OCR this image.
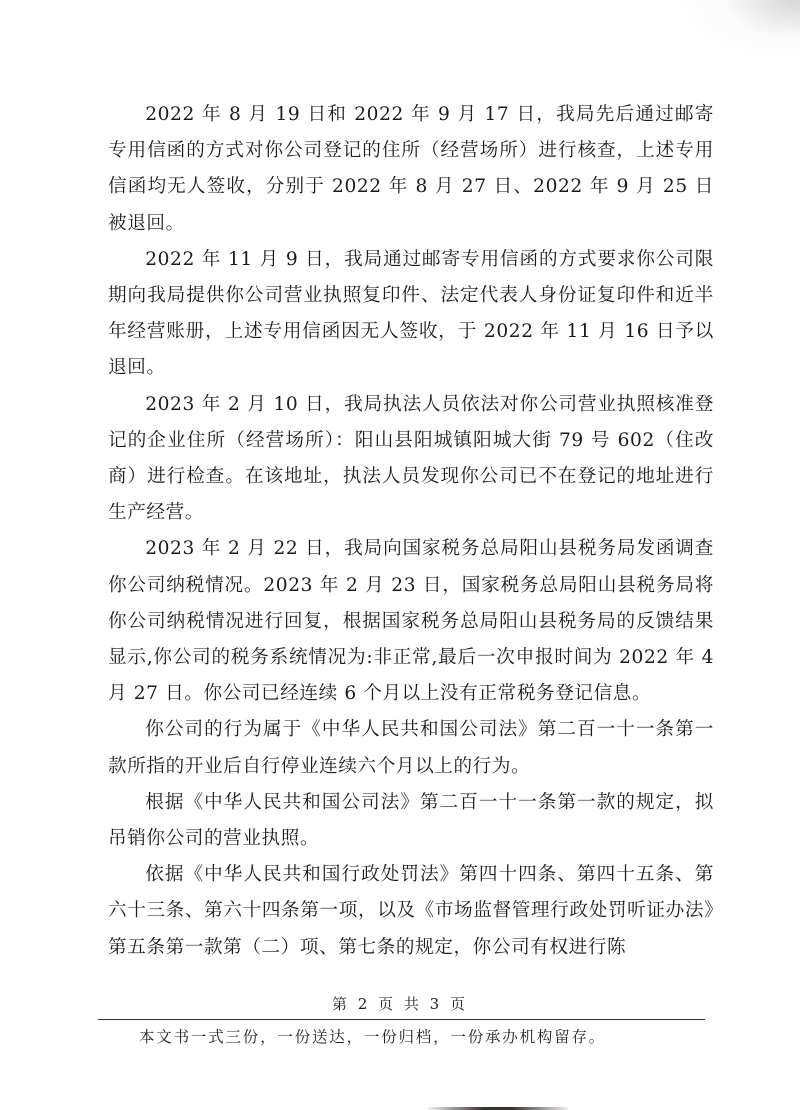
2022 年 8 月 19 日和 2022 年 9 月 17 日，我局先后通过邮寄专用信函的方式对你公司登记的住所（经营场所）进行核查，上述专用信函均无人签收，分别于 2022 年 8 月 27 日、2022 年 9 月 25 日被退回。

2022 年 11 月 9 日，我局通过邮寄专用信函的方式要求你公司限期向我局提供你公司营业执照复印件、法定代表人身份证复印件和近半年经营账册，上述专用信函因无人签收，于 2022 年 11 月 16 日予以退回。

2023 年 2 月 10 日，我局执法人员依法对你公司营业执照核准登记的企业住所（经营场所）：阳山县阳城镇阳城大街 79 号 602（住改商）进行检查。在该地址，执法人员发现你公司已不在登记的地址进行生产经营。

2023 年 2 月 22 日，我局向国家税务总局阳山县税务局发函调查你公司纳税情况。2023 年 2 月 23 日，国家税务总局阳山县税务局将你公司纳税情况进行回复，根据国家税务总局阳山县税务局的反馈结果显示,你公司的税务系统情况为:非正常,最后一次申报时间为 2022 年 4 月 27 日。你公司已经连续 6 个月以上没有正常税务登记信息。

你公司的行为属于《中华人民共和国公司法》第二百一十一条第一款所指的开业后自行停业连续六个月以上的行为。

根据《中华人民共和国公司法》第二百一十一条第一款的规定，拟吊销你公司的营业执照。

依据《中华人民共和国行政处罚法》第四十四条、第四十五条、第六十三条、第六十四条第一项，以及《市场监督管理行政处罚听证办法》第五条第一款第（二）项、第七条的规定，你公司有权进行陈

第 2 页 共 3 页
本文书一式三份，一份送达，一份归档，一份承办机构留存。
